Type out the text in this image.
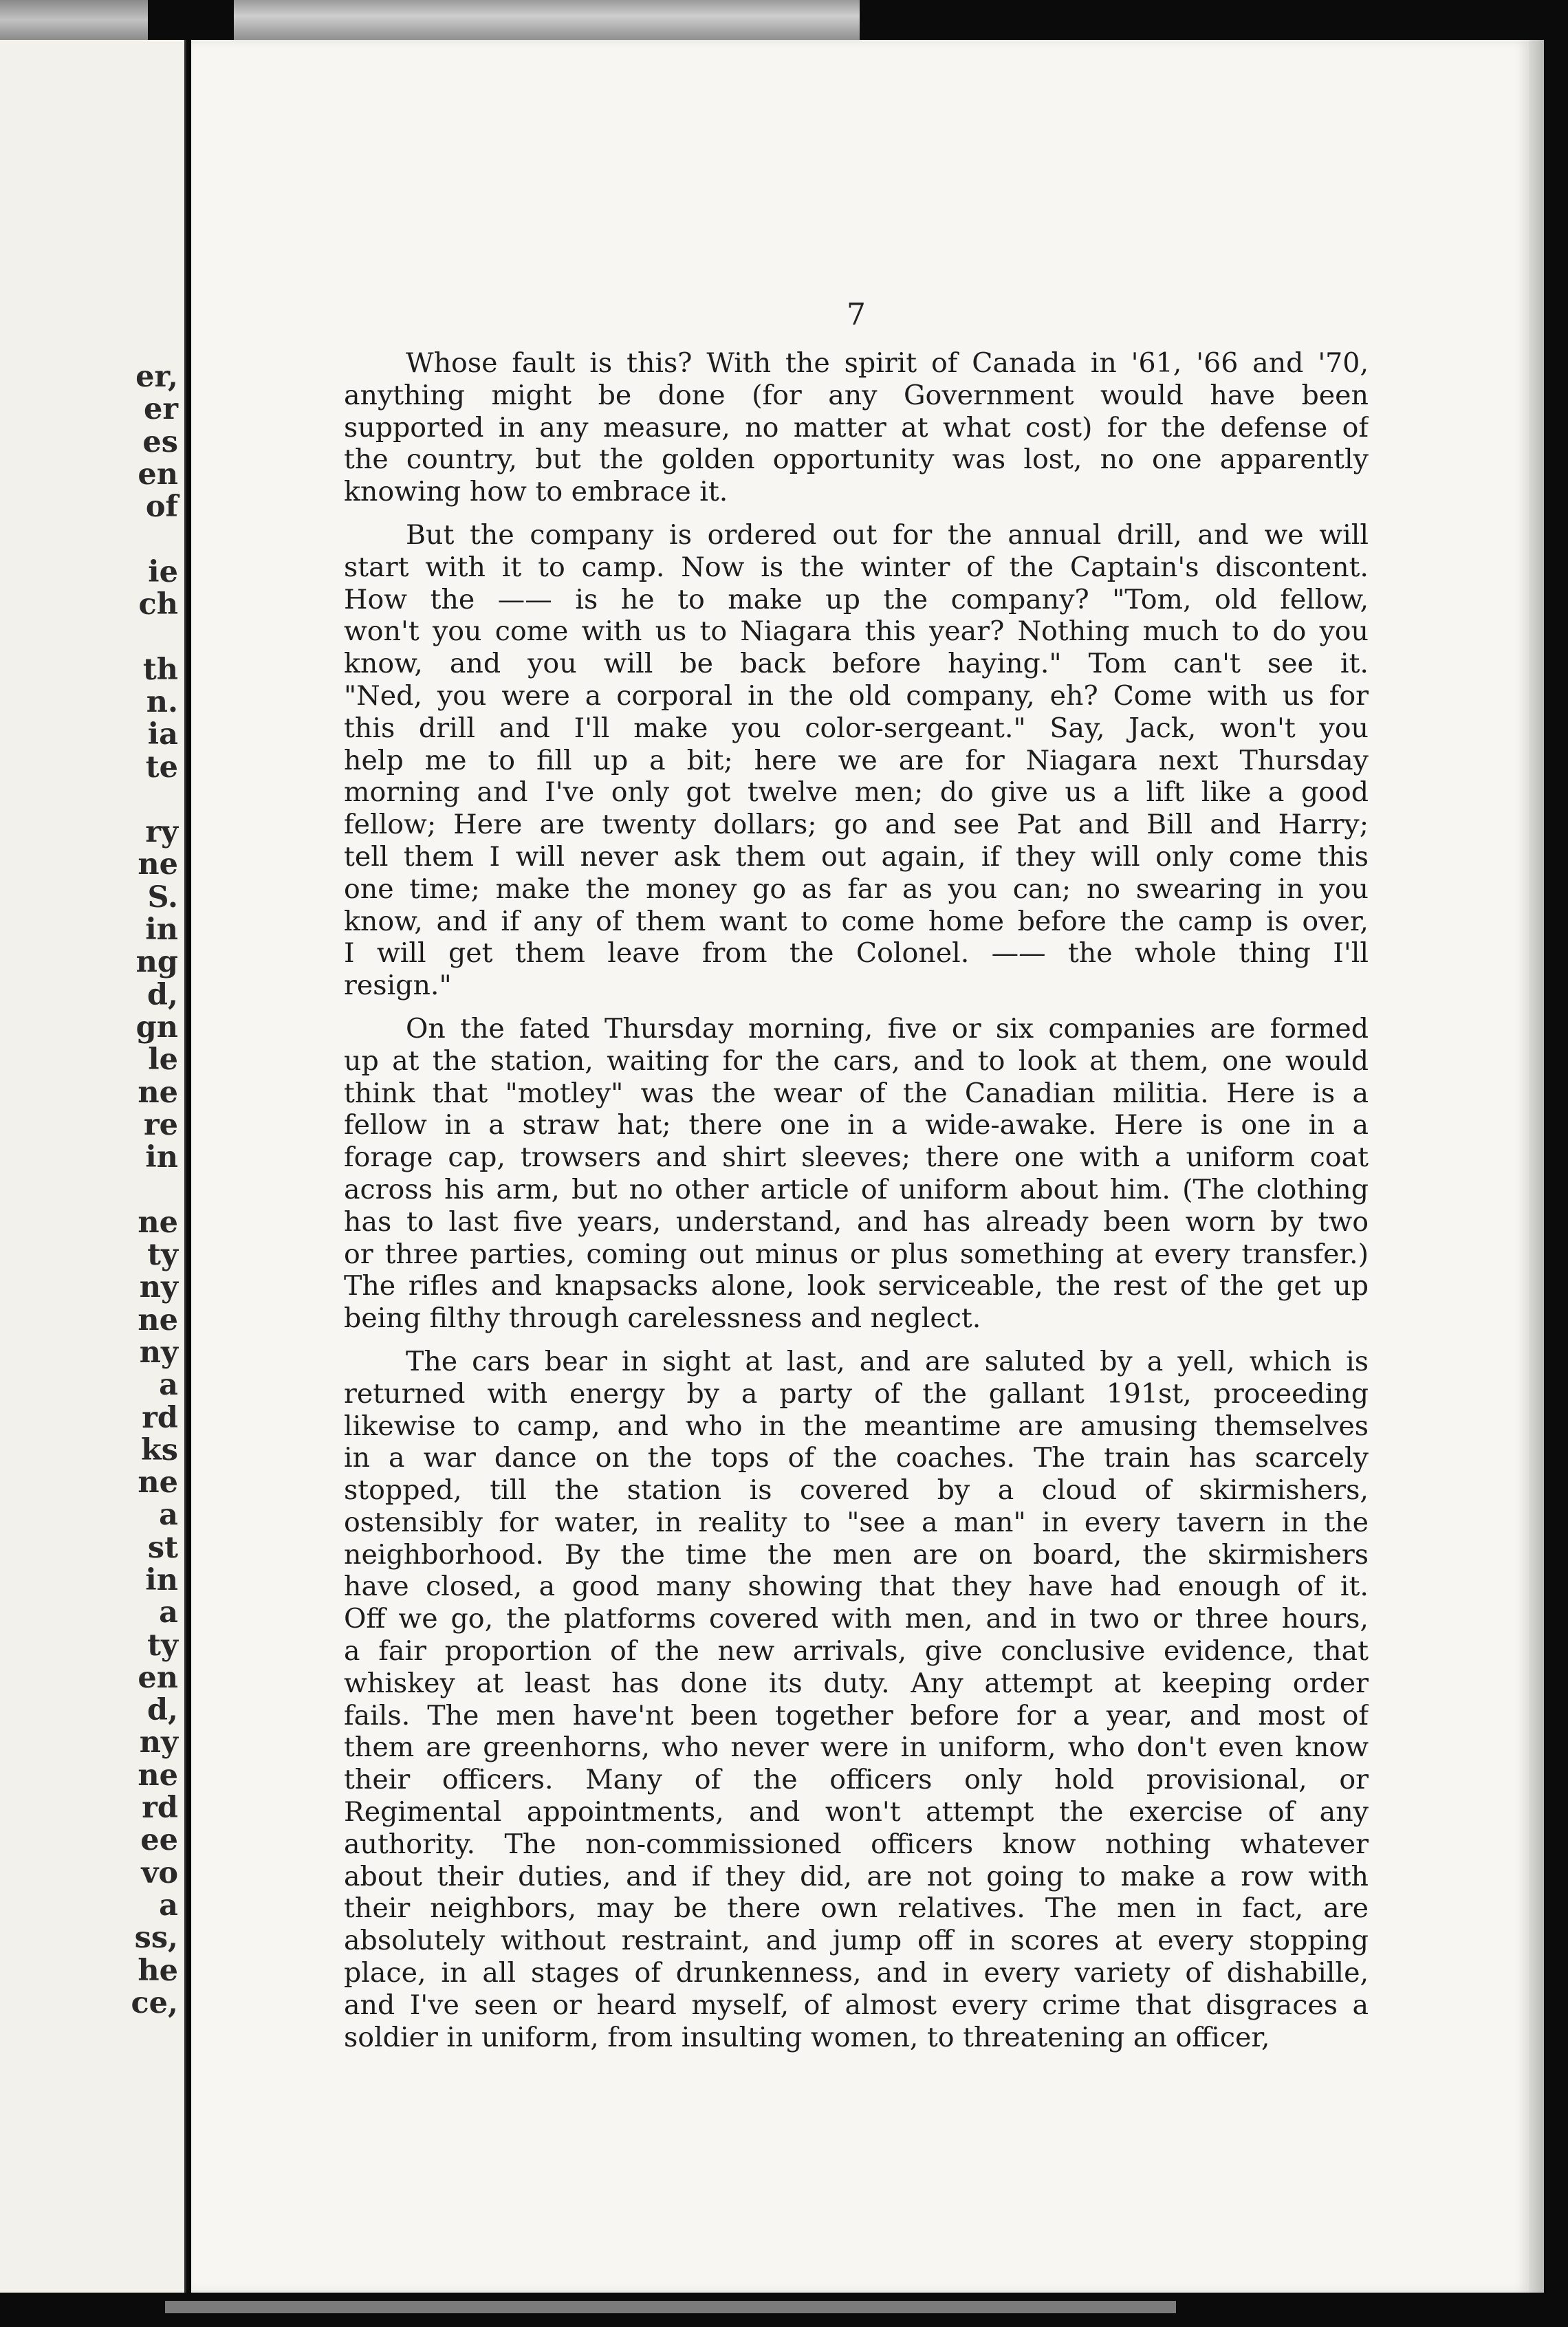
er,
er
es
en
of
ie
ch
th
n.
ia
te
ry
ne
S.
in
ng
d,
gn
le
ne
re
in
ne
ty
ny
ne
ny
a
rd
ks
ne
a
st
in
a
ty
en
d,
ny
ne
rd
ee
vo
a
ss,
he
ce,
7
Whose fault is this? With the spirit of Canada in '61, '66 and '70,
anything might be done (for any Government would have been
supported in any measure, no matter at what cost) for the defense of
the country, but the golden opportunity was lost, no one apparently
knowing how to embrace it.
But the company is ordered out for the annual drill, and we will
start with it to camp. Now is the winter of the Captain's discontent.
How the —— is he to make up the company? "Tom, old fellow,
won't you come with us to Niagara this year? Nothing much to do you
know, and you will be back before haying." Tom can't see it.
"Ned, you were a corporal in the old company, eh? Come with us for
this drill and I'll make you color-sergeant." Say, Jack, won't you
help me to fill up a bit; here we are for Niagara next Thursday
morning and I've only got twelve men; do give us a lift like a good
fellow; Here are twenty dollars; go and see Pat and Bill and Harry;
tell them I will never ask them out again, if they will only come this
one time; make the money go as far as you can; no swearing in you
know, and if any of them want to come home before the camp is over,
I will get them leave from the Colonel. —— the whole thing I'll
resign."
On the fated Thursday morning, five or six companies are formed
up at the station, waiting for the cars, and to look at them, one would
think that "motley" was the wear of the Canadian militia. Here is a
fellow in a straw hat; there one in a wide-awake. Here is one in a
forage cap, trowsers and shirt sleeves; there one with a uniform coat
across his arm, but no other article of uniform about him. (The clothing
has to last five years, understand, and has already been worn by two
or three parties, coming out minus or plus something at every transfer.)
The rifles and knapsacks alone, look serviceable, the rest of the get up
being filthy through carelessness and neglect.
The cars bear in sight at last, and are saluted by a yell, which is
returned with energy by a party of the gallant 191st, proceeding
likewise to camp, and who in the meantime are amusing themselves
in a war dance on the tops of the coaches. The train has scarcely
stopped, till the station is covered by a cloud of skirmishers,
ostensibly for water, in reality to "see a man" in every tavern in the
neighborhood. By the time the men are on board, the skirmishers
have closed, a good many showing that they have had enough of it.
Off we go, the platforms covered with men, and in two or three hours,
a fair proportion of the new arrivals, give conclusive evidence, that
whiskey at least has done its duty. Any attempt at keeping order
fails. The men have'nt been together before for a year, and most of
them are greenhorns, who never were in uniform, who don't even know
their officers. Many of the officers only hold provisional, or
Regimental appointments, and won't attempt the exercise of any
authority. The non-commissioned officers know nothing whatever
about their duties, and if they did, are not going to make a row with
their neighbors, may be there own relatives. The men in fact, are
absolutely without restraint, and jump off in scores at every stopping
place, in all stages of drunkenness, and in every variety of dishabille,
and I've seen or heard myself, of almost every crime that disgraces a
soldier in uniform, from insulting women, to threatening an officer,
